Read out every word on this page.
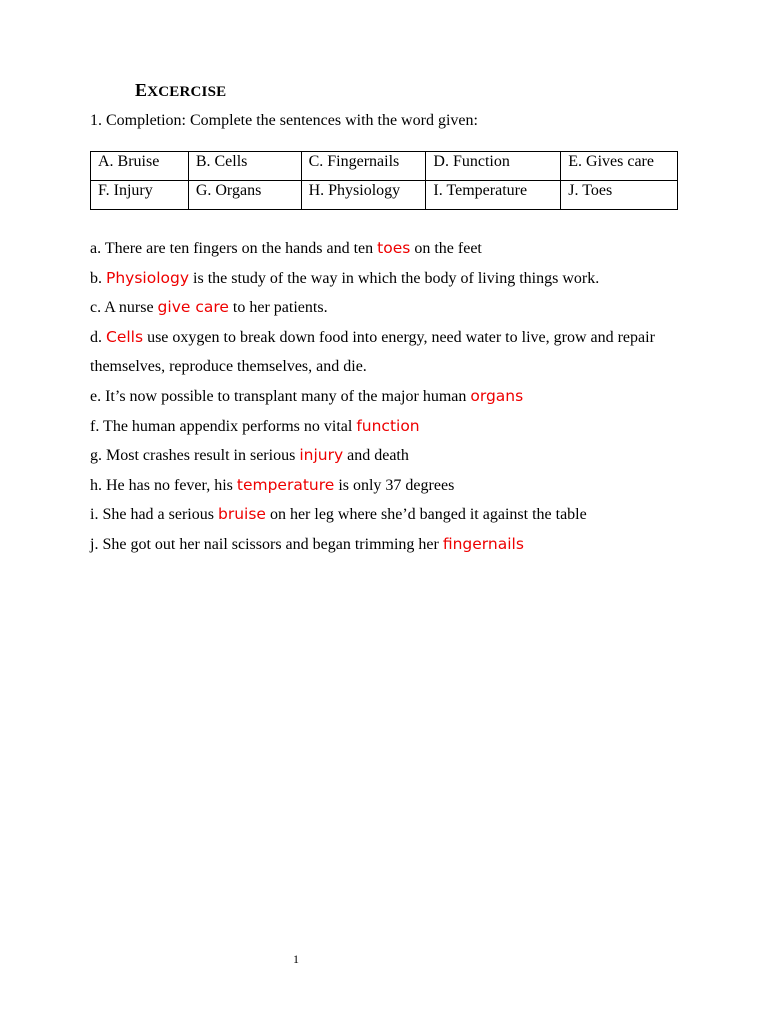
EXCERCISE
1. Completion: Complete the sentences with the word given:
A. Bruise	B. Cells	C. Fingernails	D. Function	E. Gives care
F. Injury	G. Organs	H. Physiology	I. Temperature	J. Toes
a. There are ten fingers on the hands and ten toes on the feet
b. Physiology is the study of the way in which the body of living things work.
c. A nurse give care to her patients.
d. Cells use oxygen to break down food into energy, need water to live, grow and repair
themselves, reproduce themselves, and die.
e. It’s now possible to transplant many of the major human organs
f. The human appendix performs no vital function
g. Most crashes result in serious injury and death
h. He has no fever, his temperature is only 37 degrees
i. She had a serious bruise on her leg where she’d banged it against the table
j. She got out her nail scissors and began trimming her fingernails
1
